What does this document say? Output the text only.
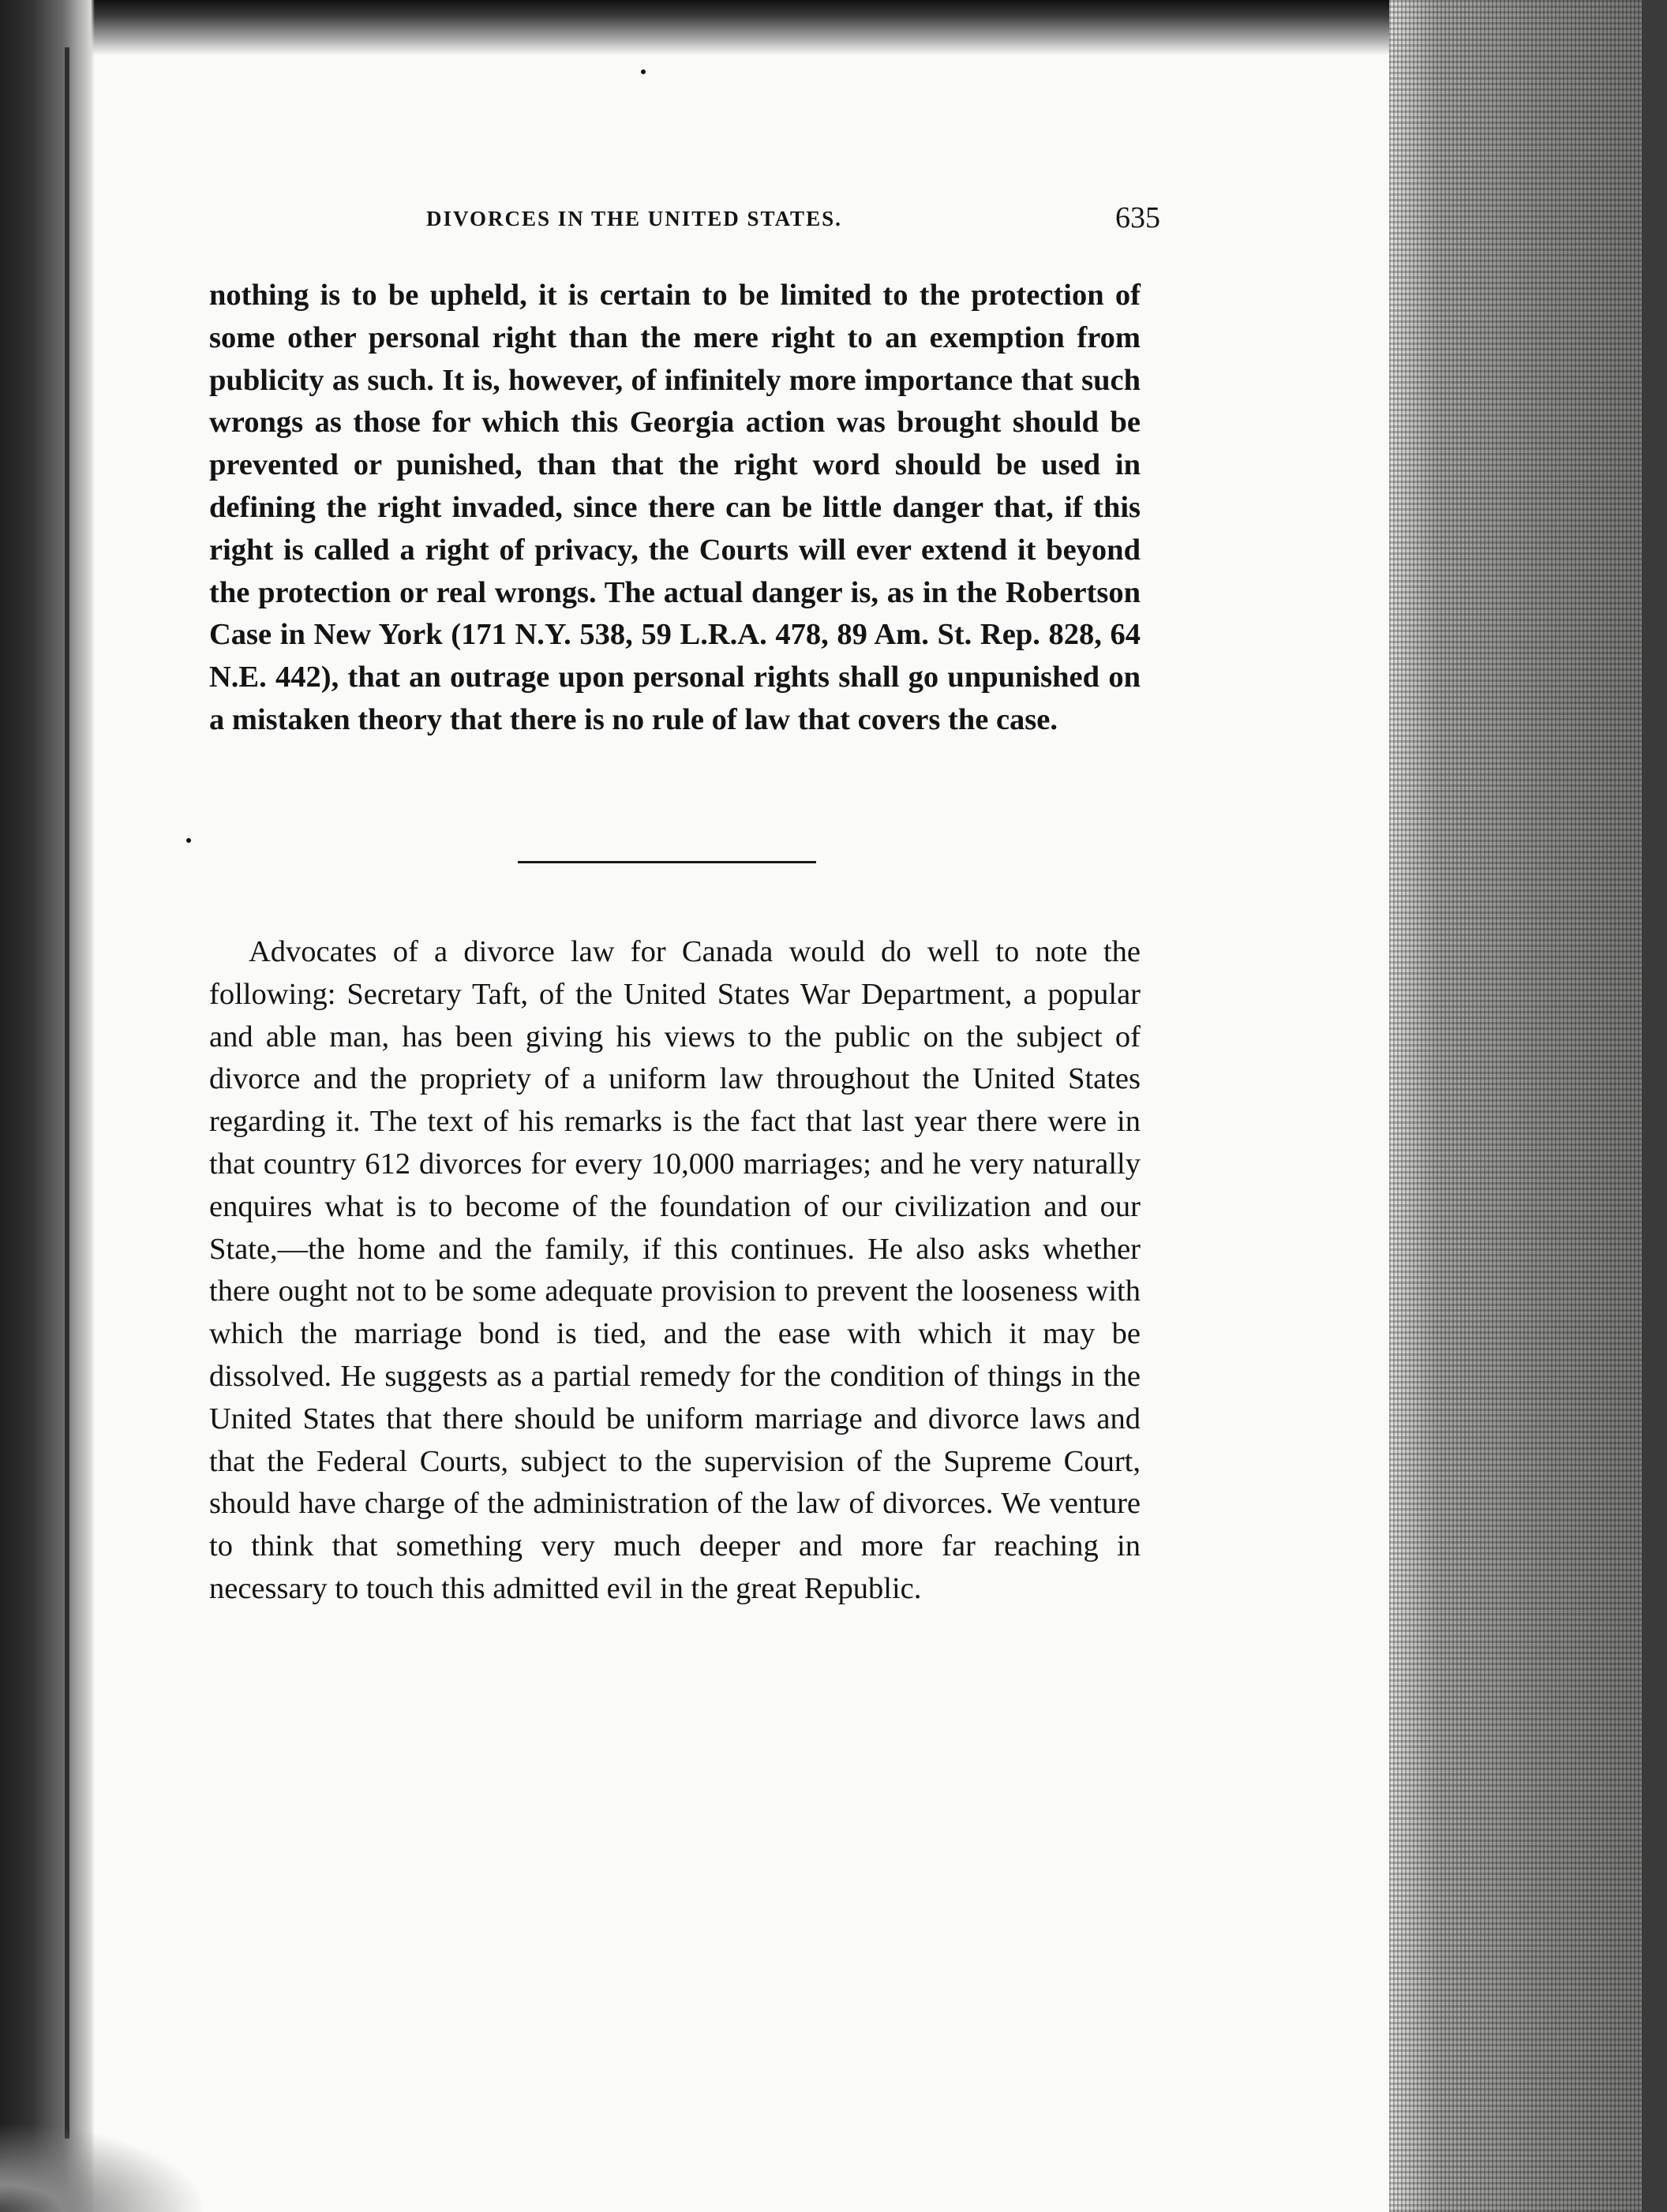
DIVORCES IN THE UNITED STATES.	635

nothing is to be upheld, it is certain to be limited to the protection of some other personal right than the mere right to an exemption from publicity as such. It is, however, of infinitely more importance that such wrongs as those for which this Georgia action was brought should be prevented or punished, than that the right word should be used in defining the right invaded, since there can be little danger that, if this right is called a right of privacy, the Courts will ever extend it beyond the protection or real wrongs. The actual danger is, as in the Robertson Case in New York (171 N.Y. 538, 59 L.R.A. 478, 89 Am. St. Rep. 828, 64 N.E. 442), that an outrage upon personal rights shall go unpunished on a mistaken theory that there is no rule of law that covers the case.

Advocates of a divorce law for Canada would do well to note the following: Secretary Taft, of the United States War Department, a popular and able man, has been giving his views to the public on the subject of divorce and the propriety of a uniform law throughout the United States regarding it. The text of his remarks is the fact that last year there were in that country 612 divorces for every 10,000 marriages; and he very naturally enquires what is to become of the foundation of our civilization and our State,—the home and the family, if this continues. He also asks whether there ought not to be some adequate provision to prevent the looseness with which the marriage bond is tied, and the ease with which it may be dissolved. He suggests as a partial remedy for the condition of things in the United States that there should be uniform marriage and divorce laws and that the Federal Courts, subject to the supervision of the Supreme Court, should have charge of the administration of the law of divorces. We venture to think that something very much deeper and more far reaching in necessary to touch this admitted evil in the great Republic.
